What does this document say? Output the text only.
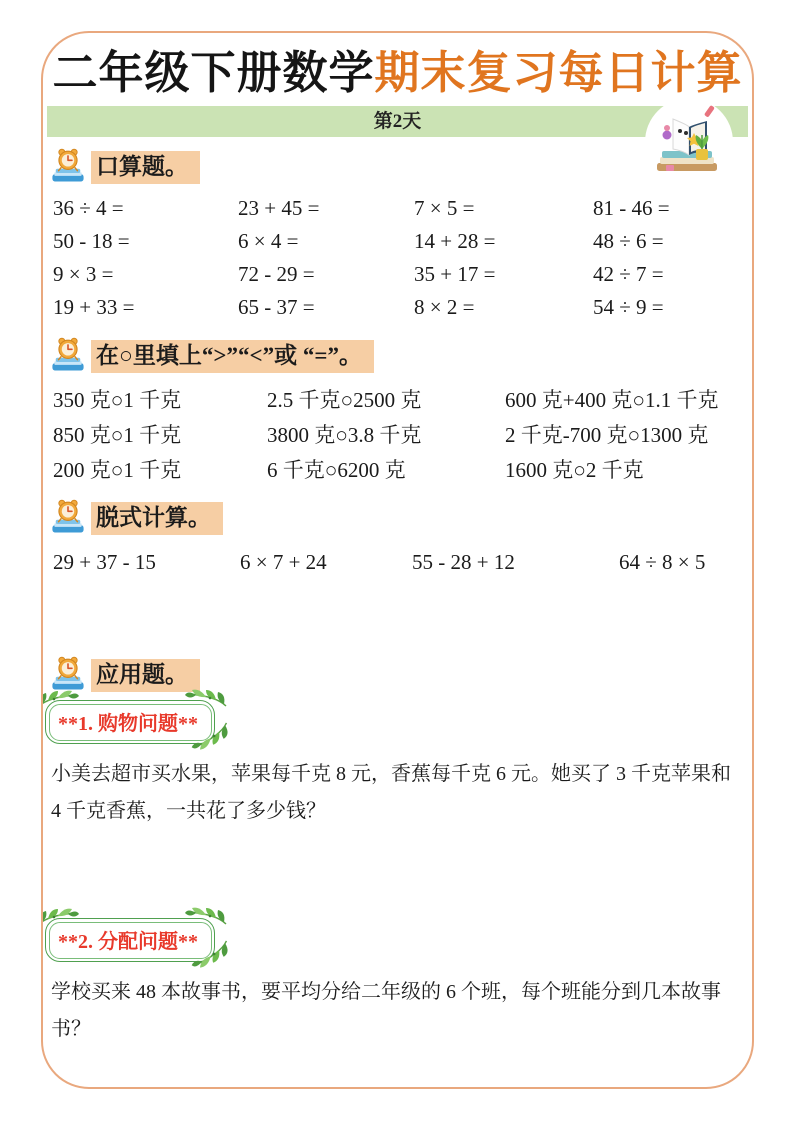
二年级下册数学期末复习每日计算
第2天
口算题。
36 ÷ 4 =	23 + 45 =	7 × 5 =	81 - 46 =
50 - 18 =	6 × 4 =	14 + 28 =	48 ÷ 6 =
9 × 3 =	72 - 29 =	35 + 17 =	42 ÷ 7 =
19 + 33 =	65 - 37 =	8 × 2 =	54 ÷ 9 =
在○里填上“>”“<”或 “=”。
350 克○1 千克	2.5 千克○2500 克	600 克+400 克○1.1 千克
850 克○1 千克	3800 克○3.8 千克	2 千克-700 克○1300 克
200 克○1 千克	6 千克○6200 克	1600 克○2 千克
脱式计算。
29 + 37 - 15	6 × 7 + 24	55 - 28 + 12	64 ÷ 8 × 5
应用题。
**1. 购物问题**

小美去超市买水果，苹果每千克 8 元，香蕉每千克 6 元。她买了 3 千克苹果和 4 千克香蕉，一共花了多少钱？

**2. 分配问题**

学校买来 48 本故事书，要平均分给二年级的 6 个班，每个班能分到几本故事书？
